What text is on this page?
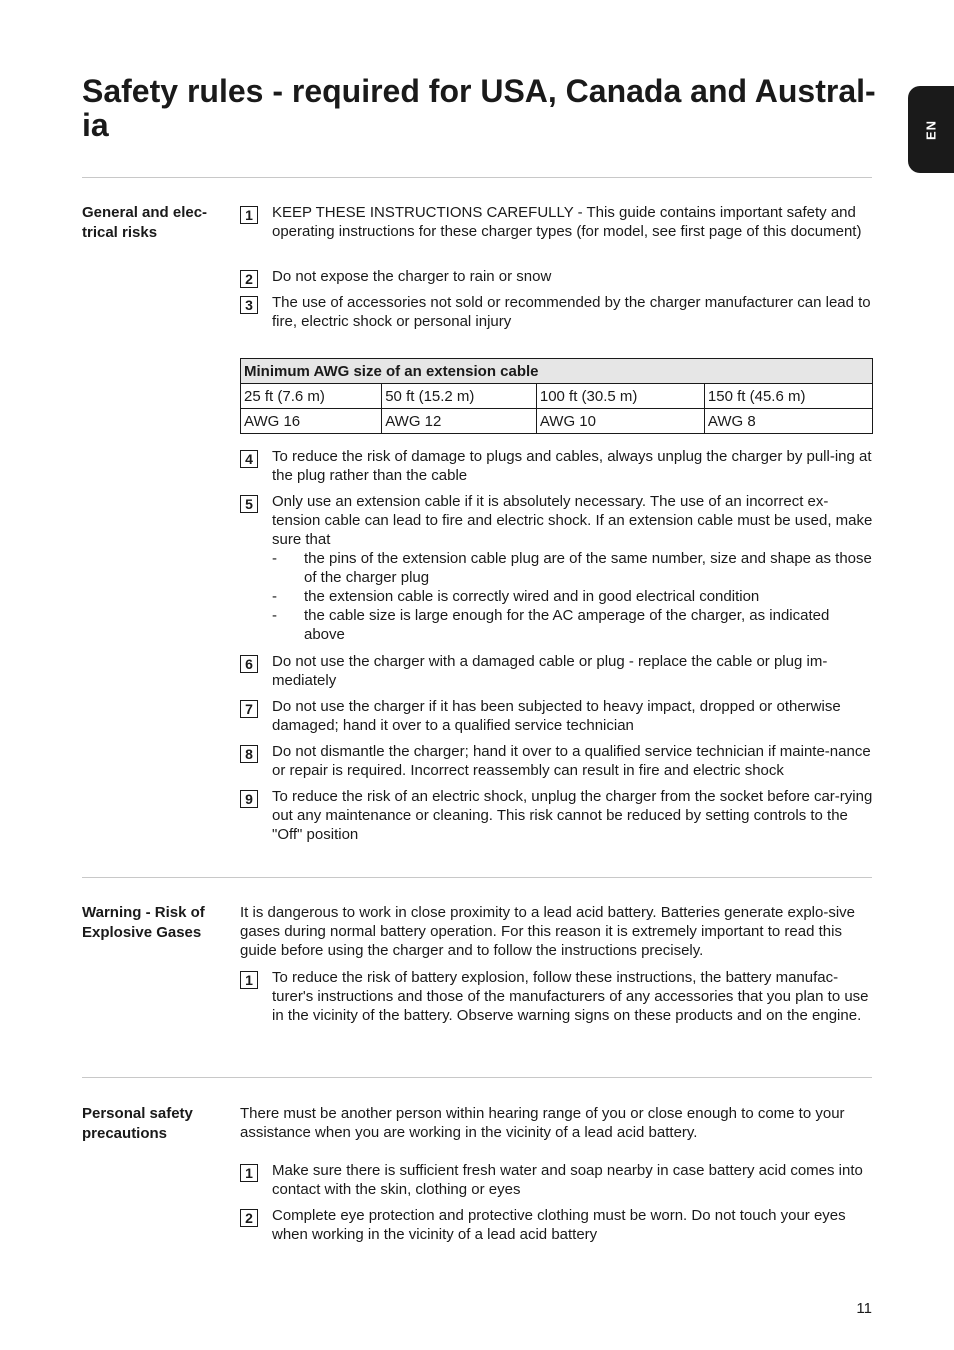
Safety rules - required for USA, Canada and Austral-
ia	EN
General and elec-trical risks
1	KEEP THESE INSTRUCTIONS CAREFULLY - This guide contains important safety and operating instructions for these charger types (for model, see first page of this document)
2	Do not expose the charger to rain or snow
3	The use of accessories not sold or recommended by the charger manufacturer can lead to fire, electric shock or personal injury
Minimum AWG size of an extension cable			
25 ft (7.6 m)	50 ft (15.2 m)	100 ft (30.5 m)	150 ft (45.6 m)
AWG 16	AWG 12	AWG 10	AWG 8
4	To reduce the risk of damage to plugs and cables, always unplug the charger by pull-ing at the plug rather than the cable
5	Only use an extension cable if it is absolutely necessary. The use of an incorrect ex-tension cable can lead to fire and electric shock. If an extension cable must be used, make sure that
- the pins of the extension cable plug are of the same number, size and shape as those of the charger plug
- the extension cable is correctly wired and in good electrical condition
- the cable size is large enough for the AC amperage of the charger, as indicated above
6	Do not use the charger with a damaged cable or plug - replace the cable or plug im-mediately
7	Do not use the charger if it has been subjected to heavy impact, dropped or otherwise damaged; hand it over to a qualified service technician
8	Do not dismantle the charger; hand it over to a qualified service technician if mainte-nance or repair is required. Incorrect reassembly can result in fire and electric shock
9	To reduce the risk of an electric shock, unplug the charger from the socket before car-rying out any maintenance or cleaning. This risk cannot be reduced by setting controls to the "Off" position
Warning - Risk of Explosive Gases
It is dangerous to work in close proximity to a lead acid battery. Batteries generate explo-sive gases during normal battery operation. For this reason it is extremely important to read this guide before using the charger and to follow the instructions precisely.
1	To reduce the risk of battery explosion, follow these instructions, the battery manufac-turer's instructions and those of the manufacturers of any accessories that you plan to use in the vicinity of the battery. Observe warning signs on these products and on the engine.
Personal safety precautions
There must be another person within hearing range of you or close enough to come to your assistance when you are working in the vicinity of a lead acid battery.
1	Make sure there is sufficient fresh water and soap nearby in case battery acid comes into contact with the skin, clothing or eyes
2	Complete eye protection and protective clothing must be worn. Do not touch your eyes when working in the vicinity of a lead acid battery
11
